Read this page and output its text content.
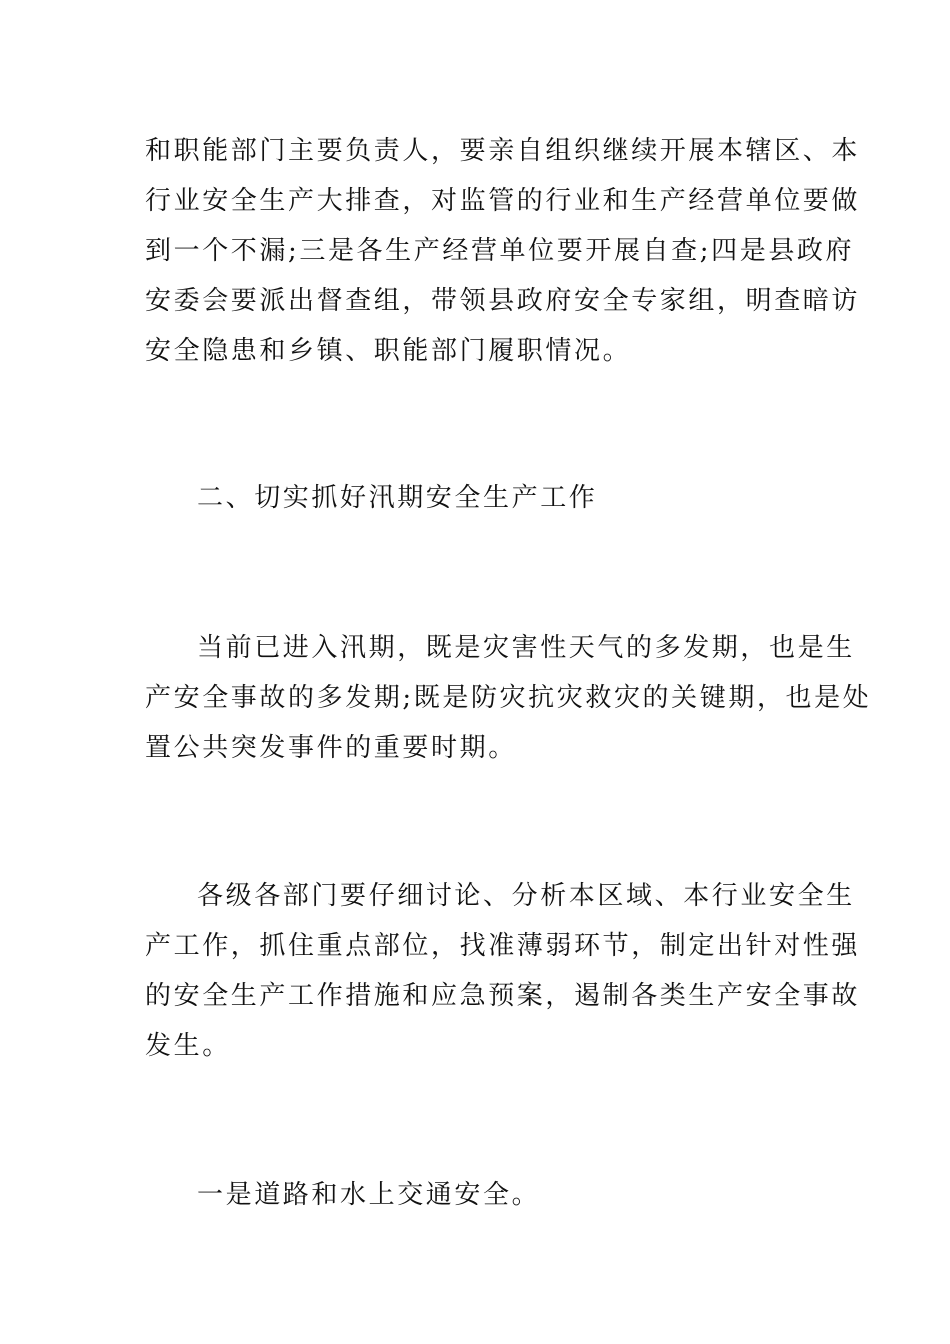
和职能部门主要负责人，要亲自组织继续开展本辖区、本
行业安全生产大排查，对监管的行业和生产经营单位要做
到一个不漏;三是各生产经营单位要开展自查;四是县政府
安委会要派出督查组，带领县政府安全专家组，明查暗访
安全隐患和乡镇、职能部门履职情况。
二、切实抓好汛期安全生产工作
当前已进入汛期，既是灾害性天气的多发期，也是生
产安全事故的多发期;既是防灾抗灾救灾的关键期，也是处
置公共突发事件的重要时期。
各级各部门要仔细讨论、分析本区域、本行业安全生
产工作，抓住重点部位，找准薄弱环节，制定出针对性强
的安全生产工作措施和应急预案，遏制各类生产安全事故
发生。
一是道路和水上交通安全。
